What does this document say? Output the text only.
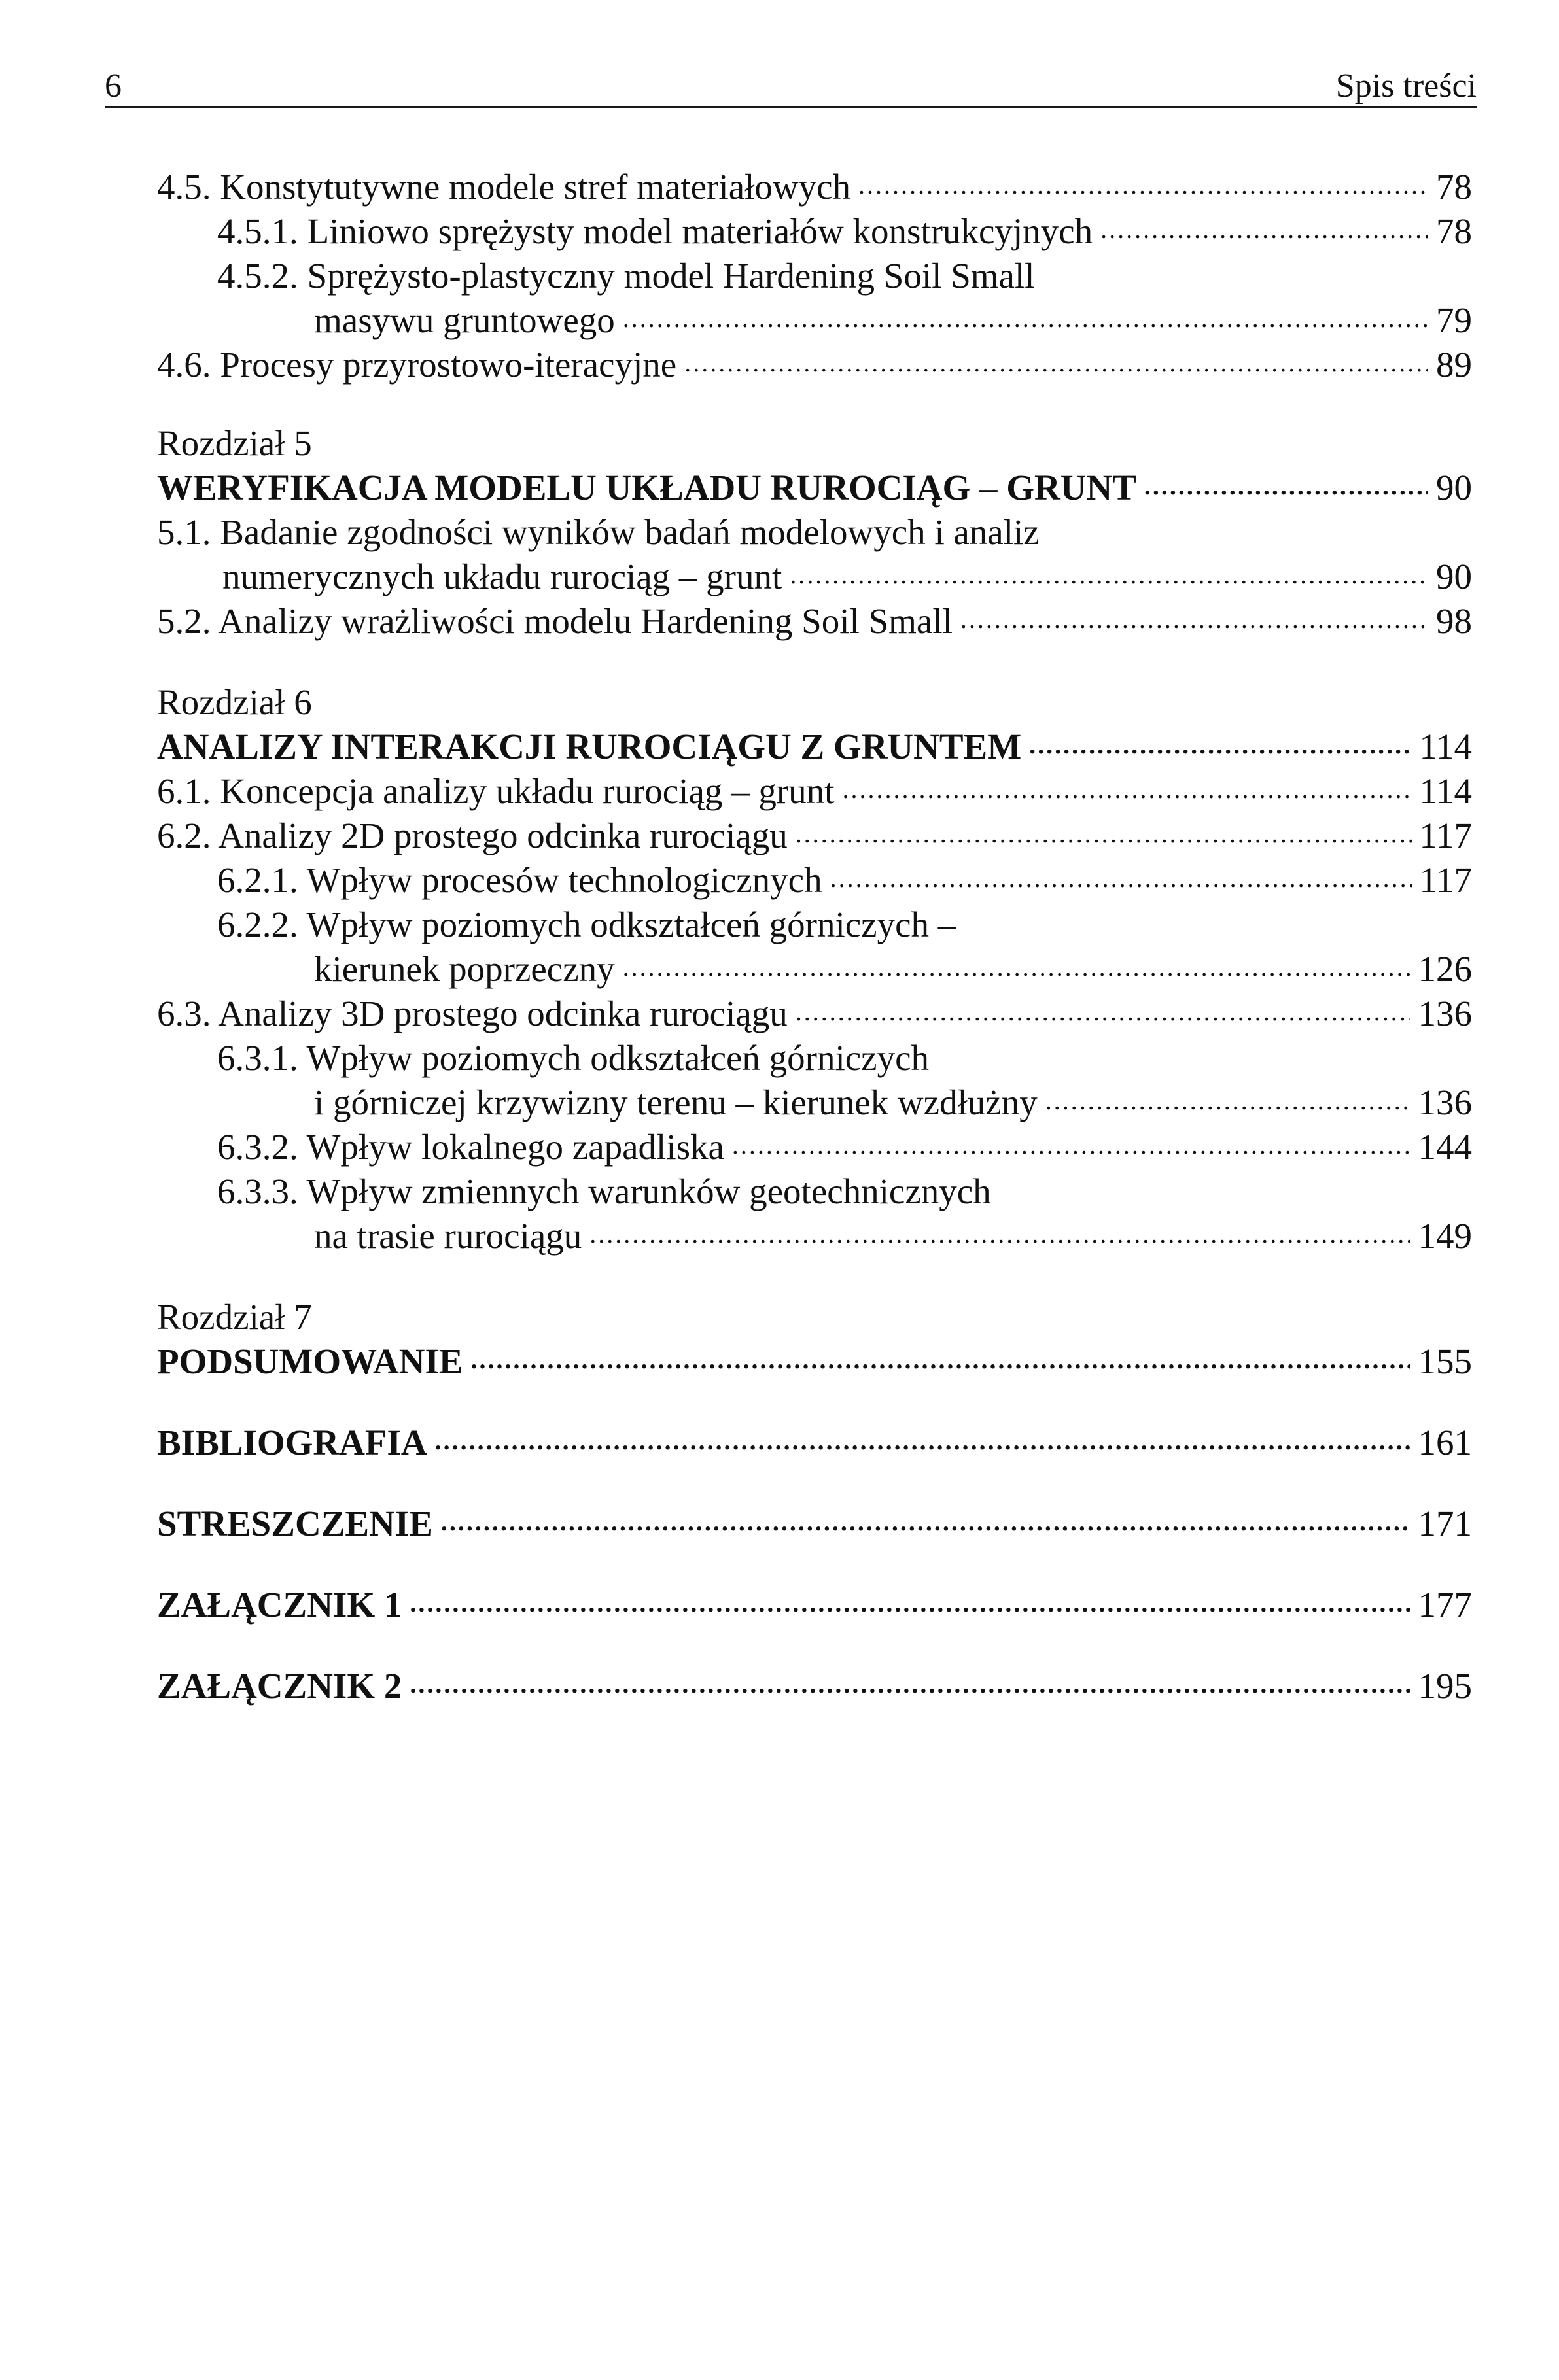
6	Spis treści
4.5. Konstytutywne modele stref materiałowych .....	78
4.5.1. Liniowo sprężysty model materiałów konstrukcyjnych .....	78
4.5.2. Sprężysto-plastyczny model Hardening Soil Small
masywu gruntowego .....	79
4.6. Procesy przyrostowo-iteracyjne .....	89
Rozdział 5
WERYFIKACJA MODELU UKŁADU RUROCIĄG – GRUNT .....	90
5.1. Badanie zgodności wyników badań modelowych i analiz
numerycznych układu rurociąg – grunt .....	90
5.2. Analizy wrażliwości modelu Hardening Soil Small .....	98
Rozdział 6
ANALIZY INTERAKCJI RUROCIĄGU Z GRUNTEM .....	114
6.1. Koncepcja analizy układu rurociąg – grunt .....	114
6.2. Analizy 2D prostego odcinka rurociągu .....	117
6.2.1. Wpływ procesów technologicznych .....	117
6.2.2. Wpływ poziomych odkształceń górniczych –
kierunek poprzeczny .....	126
6.3. Analizy 3D prostego odcinka rurociągu .....	136
6.3.1. Wpływ poziomych odkształceń górniczych
i górniczej krzywizny terenu – kierunek wzdłużny .....	136
6.3.2. Wpływ lokalnego zapadliska .....	144
6.3.3. Wpływ zmiennych warunków geotechnicznych
na trasie rurociągu .....	149
Rozdział 7
PODSUMOWANIE .....	155
BIBLIOGRAFIA .....	161
STRESZCZENIE .....	171
ZAŁĄCZNIK 1 .....	177
ZAŁĄCZNIK 2 .....	195
